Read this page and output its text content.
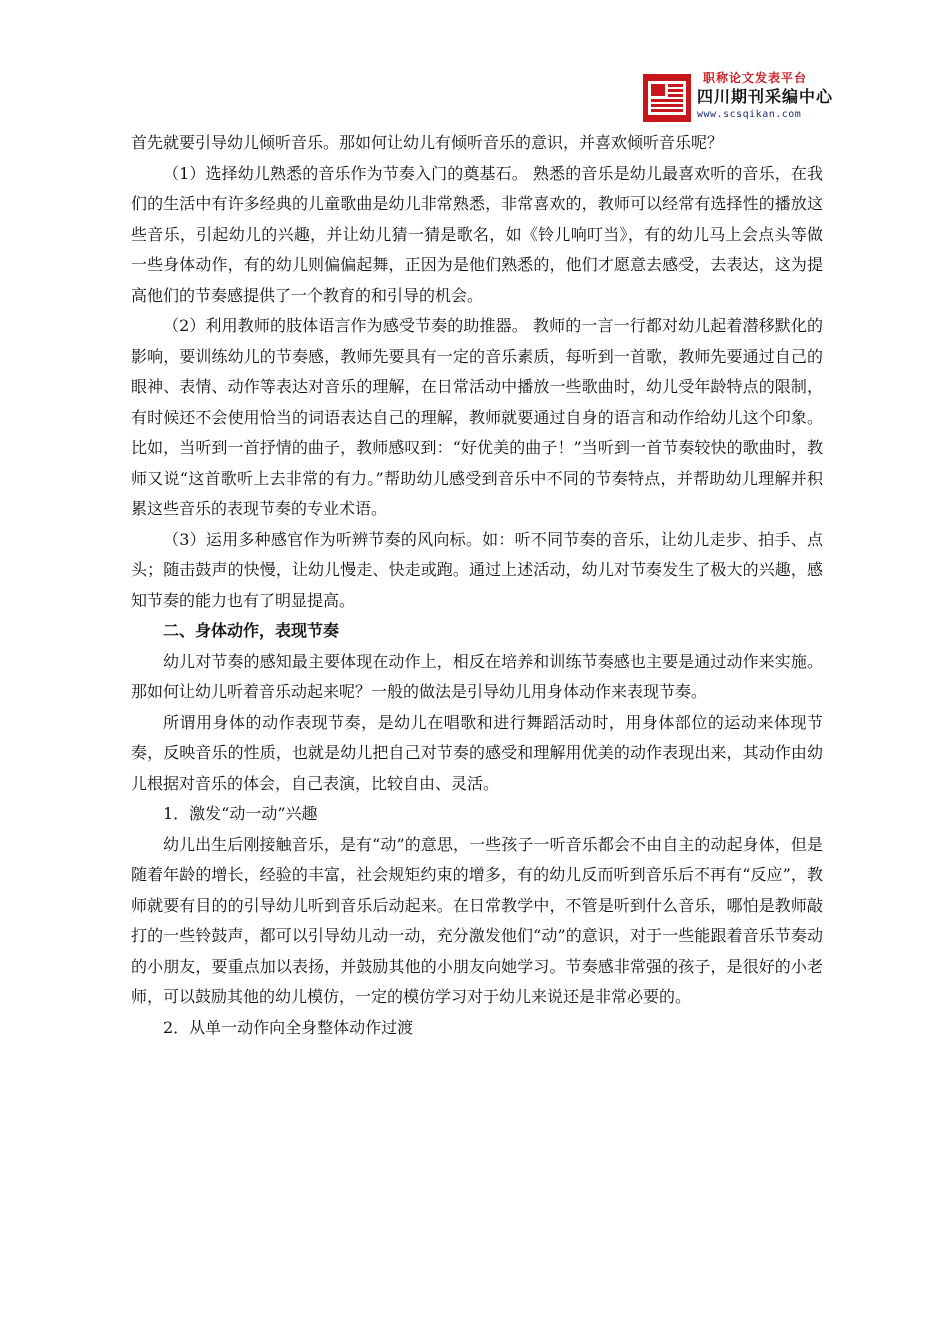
职称论文发表平台
四川期刊采编中心
www.scsqikan.com

首先就要引导幼儿倾听音乐。那如何让幼儿有倾听音乐的意识，并喜欢倾听音乐呢？

（1）选择幼儿熟悉的音乐作为节奏入门的奠基石。 熟悉的音乐是幼儿最喜欢听的音乐，在我们的生活中有许多经典的儿童歌曲是幼儿非常熟悉，非常喜欢的，教师可以经常有选择性的播放这些音乐，引起幼儿的兴趣，并让幼儿猜一猜是歌名，如《铃儿响叮当》，有的幼儿马上会点头等做一些身体动作，有的幼儿则偏偏起舞，正因为是他们熟悉的，他们才愿意去感受，去表达，这为提高他们的节奏感提供了一个教育的和引导的机会。

（2）利用教师的肢体语言作为感受节奏的助推器。 教师的一言一行都对幼儿起着潜移默化的影响，要训练幼儿的节奏感，教师先要具有一定的音乐素质，每听到一首歌，教师先要通过自己的眼神、表情、动作等表达对音乐的理解，在日常活动中播放一些歌曲时，幼儿受年龄特点的限制，有时候还不会使用恰当的词语表达自己的理解，教师就要通过自身的语言和动作给幼儿这个印象。比如，当听到一首抒情的曲子，教师感叹到：“好优美的曲子！”当听到一首节奏较快的歌曲时，教师又说“这首歌听上去非常的有力。”帮助幼儿感受到音乐中不同的节奏特点，并帮助幼儿理解并积累这些音乐的表现节奏的专业术语。

（3）运用多种感官作为听辨节奏的风向标。如：听不同节奏的音乐，让幼儿走步、拍手、点头；随击鼓声的快慢，让幼儿慢走、快走或跑。通过上述活动，幼儿对节奏发生了极大的兴趣，感知节奏的能力也有了明显提高。

二、身体动作，表现节奏

幼儿对节奏的感知最主要体现在动作上，相反在培养和训练节奏感也主要是通过动作来实施。那如何让幼儿听着音乐动起来呢？一般的做法是引导幼儿用身体动作来表现节奏。

所谓用身体的动作表现节奏，是幼儿在唱歌和进行舞蹈活动时，用身体部位的运动来体现节奏，反映音乐的性质，也就是幼儿把自己对节奏的感受和理解用优美的动作表现出来，其动作由幼儿根据对音乐的体会，自己表演，比较自由、灵活。

1．激发“动一动”兴趣

幼儿出生后刚接触音乐，是有“动”的意思，一些孩子一听音乐都会不由自主的动起身体，但是随着年龄的增长，经验的丰富，社会规矩约束的增多，有的幼儿反而听到音乐后不再有“反应”，教师就要有目的的引导幼儿听到音乐后动起来。在日常教学中，不管是听到什么音乐，哪怕是教师敲打的一些铃鼓声，都可以引导幼儿动一动，充分激发他们“动”的意识，对于一些能跟着音乐节奏动的小朋友，要重点加以表扬，并鼓励其他的小朋友向她学习。节奏感非常强的孩子，是很好的小老师，可以鼓励其他的幼儿模仿，一定的模仿学习对于幼儿来说还是非常必要的。

2．从单一动作向全身整体动作过渡
